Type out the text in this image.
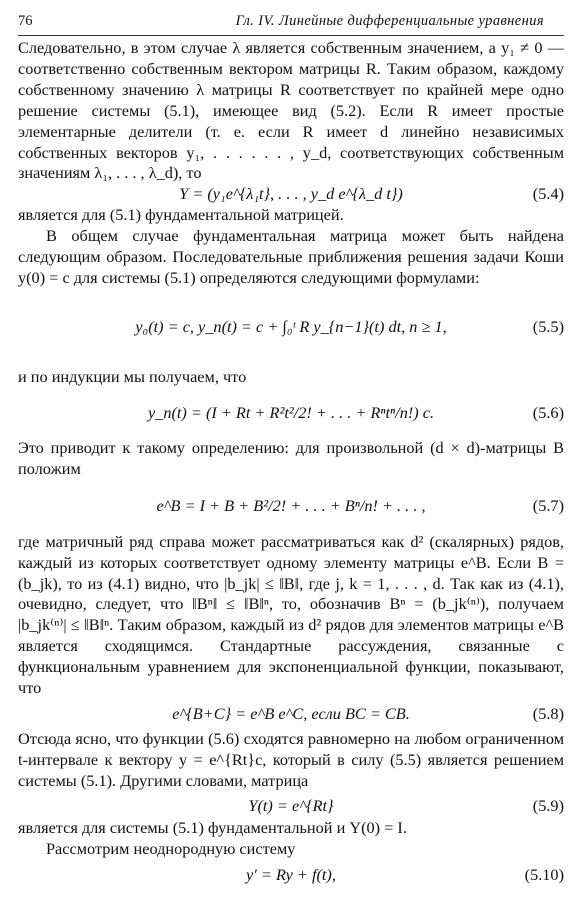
76	Гл. IV. Линейные дифференциальные уравнения

Следовательно, в этом случае λ является собственным значением, а y₁ ≠ 0 — соответственно собственным вектором матрицы R. Таким образом, каждому собственному значению λ матрицы R соответствует по крайней мере одно решение системы (5.1), имеющее вид (5.2). Если R имеет простые элементарные делители (т. е. если R имеет d линейно независимых собственных векторов y₁, . . . . . . , y_d, соответствующих собственным значениям λ₁, . . . , λ_d), то

Y = (y₁e^{λ₁t}, . . . , y_d e^{λ_d t})	(5.4)

является для (5.1) фундаментальной матрицей.

В общем случае фундаментальная матрица может быть найдена следующим образом. Последовательные приближения решения задачи Коши y(0) = c для системы (5.1) определяются следующими формулами:

y₀(t) = c, y_n(t) = c + ∫₀ᵗ R y_{n−1}(t) dt, n ≥ 1,	(5.5)

и по индукции мы получаем, что

y_n(t) = (I + Rt + R²t²/2! + . . . + Rⁿtⁿ/n!) c.	(5.6)

Это приводит к такому определению: для произвольной (d × d)-матрицы B положим

e^B = I + B + B²/2! + . . . + Bⁿ/n! + . . . ,	(5.7)

где матричный ряд справа может рассматриваться как d² (скалярных) рядов, каждый из которых соответствует одному элементу матрицы e^B. Если B = (b_jk), то из (4.1) видно, что |b_jk| ≤ ‖B‖, где j, k = 1, . . . , d. Так как из (4.1), очевидно, следует, что ‖Bⁿ‖ ≤ ‖B‖ⁿ, то, обозначив Bⁿ = (b_jk⁽ⁿ⁾), получаем |b_jk⁽ⁿ⁾| ≤ ‖B‖ⁿ. Таким образом, каждый из d² рядов для элементов матрицы e^B является сходящимся. Стандартные рассуждения, связанные с функциональным уравнением для экспоненциальной функции, показывают, что

e^{B+C} = e^B e^C, если BC = CB.	(5.8)

Отсюда ясно, что функции (5.6) сходятся равномерно на любом ограниченном t-интервале к вектору y = e^{Rt}c, который в силу (5.5) является решением системы (5.1). Другими словами, матрица

Y(t) = e^{Rt}	(5.9)

является для системы (5.1) фундаментальной и Y(0) = I.

Рассмотрим неоднородную систему

y′ = Ry + f(t),	(5.10)
